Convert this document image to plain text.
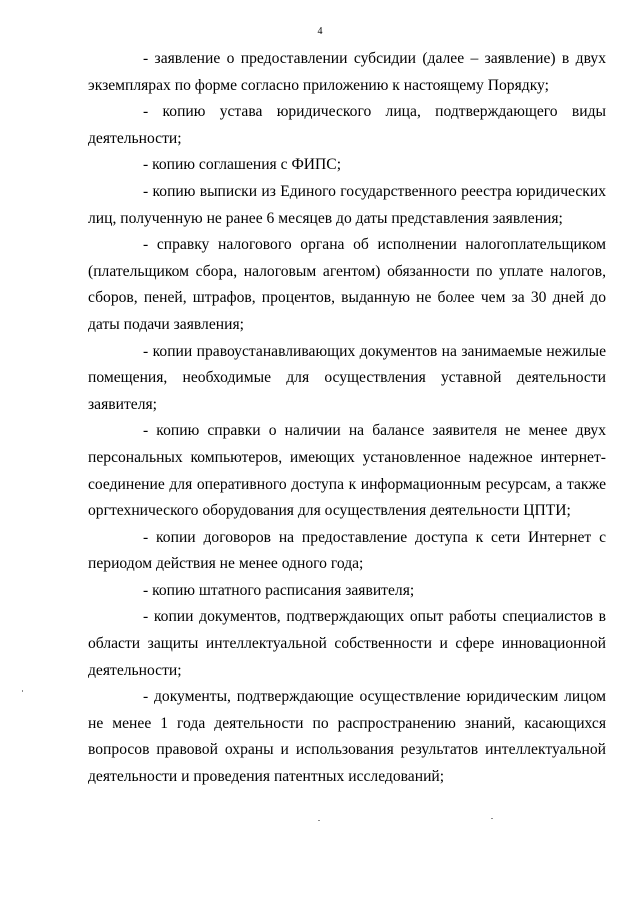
4

- заявление о предоставлении субсидии (далее – заявление) в двух экземплярах по форме согласно приложению к настоящему Порядку;

- копию устава юридического лица, подтверждающего виды деятельности;

- копию соглашения с ФИПС;

- копию выписки из Единого государственного реестра юридических лиц, полученную не ранее 6 месяцев до даты представления заявления;

- справку налогового органа об исполнении налогоплательщиком (плательщиком сбора, налоговым агентом) обязанности по уплате налогов, сборов, пеней, штрафов, процентов, выданную не более чем за 30 дней до даты подачи заявления;

- копии правоустанавливающих документов на занимаемые нежилые помещения, необходимые для осуществления уставной деятельности заявителя;

- копию справки о наличии на балансе заявителя не менее двух персональных компьютеров, имеющих установленное надежное интернет-соединение для оперативного доступа к информационным ресурсам, а также оргтехнического оборудования для осуществления деятельности ЦПТИ;

- копии договоров на предоставление доступа к сети Интернет с периодом действия не менее одного года;

- копию штатного расписания заявителя;

- копии документов, подтверждающих опыт работы специалистов в области защиты интеллектуальной собственности и сфере инновационной деятельности;

- документы, подтверждающие осуществление юридическим лицом не менее 1 года деятельности по распространению знаний, касающихся вопросов правовой охраны и использования результатов интеллектуальной деятельности и проведения патентных исследований;
